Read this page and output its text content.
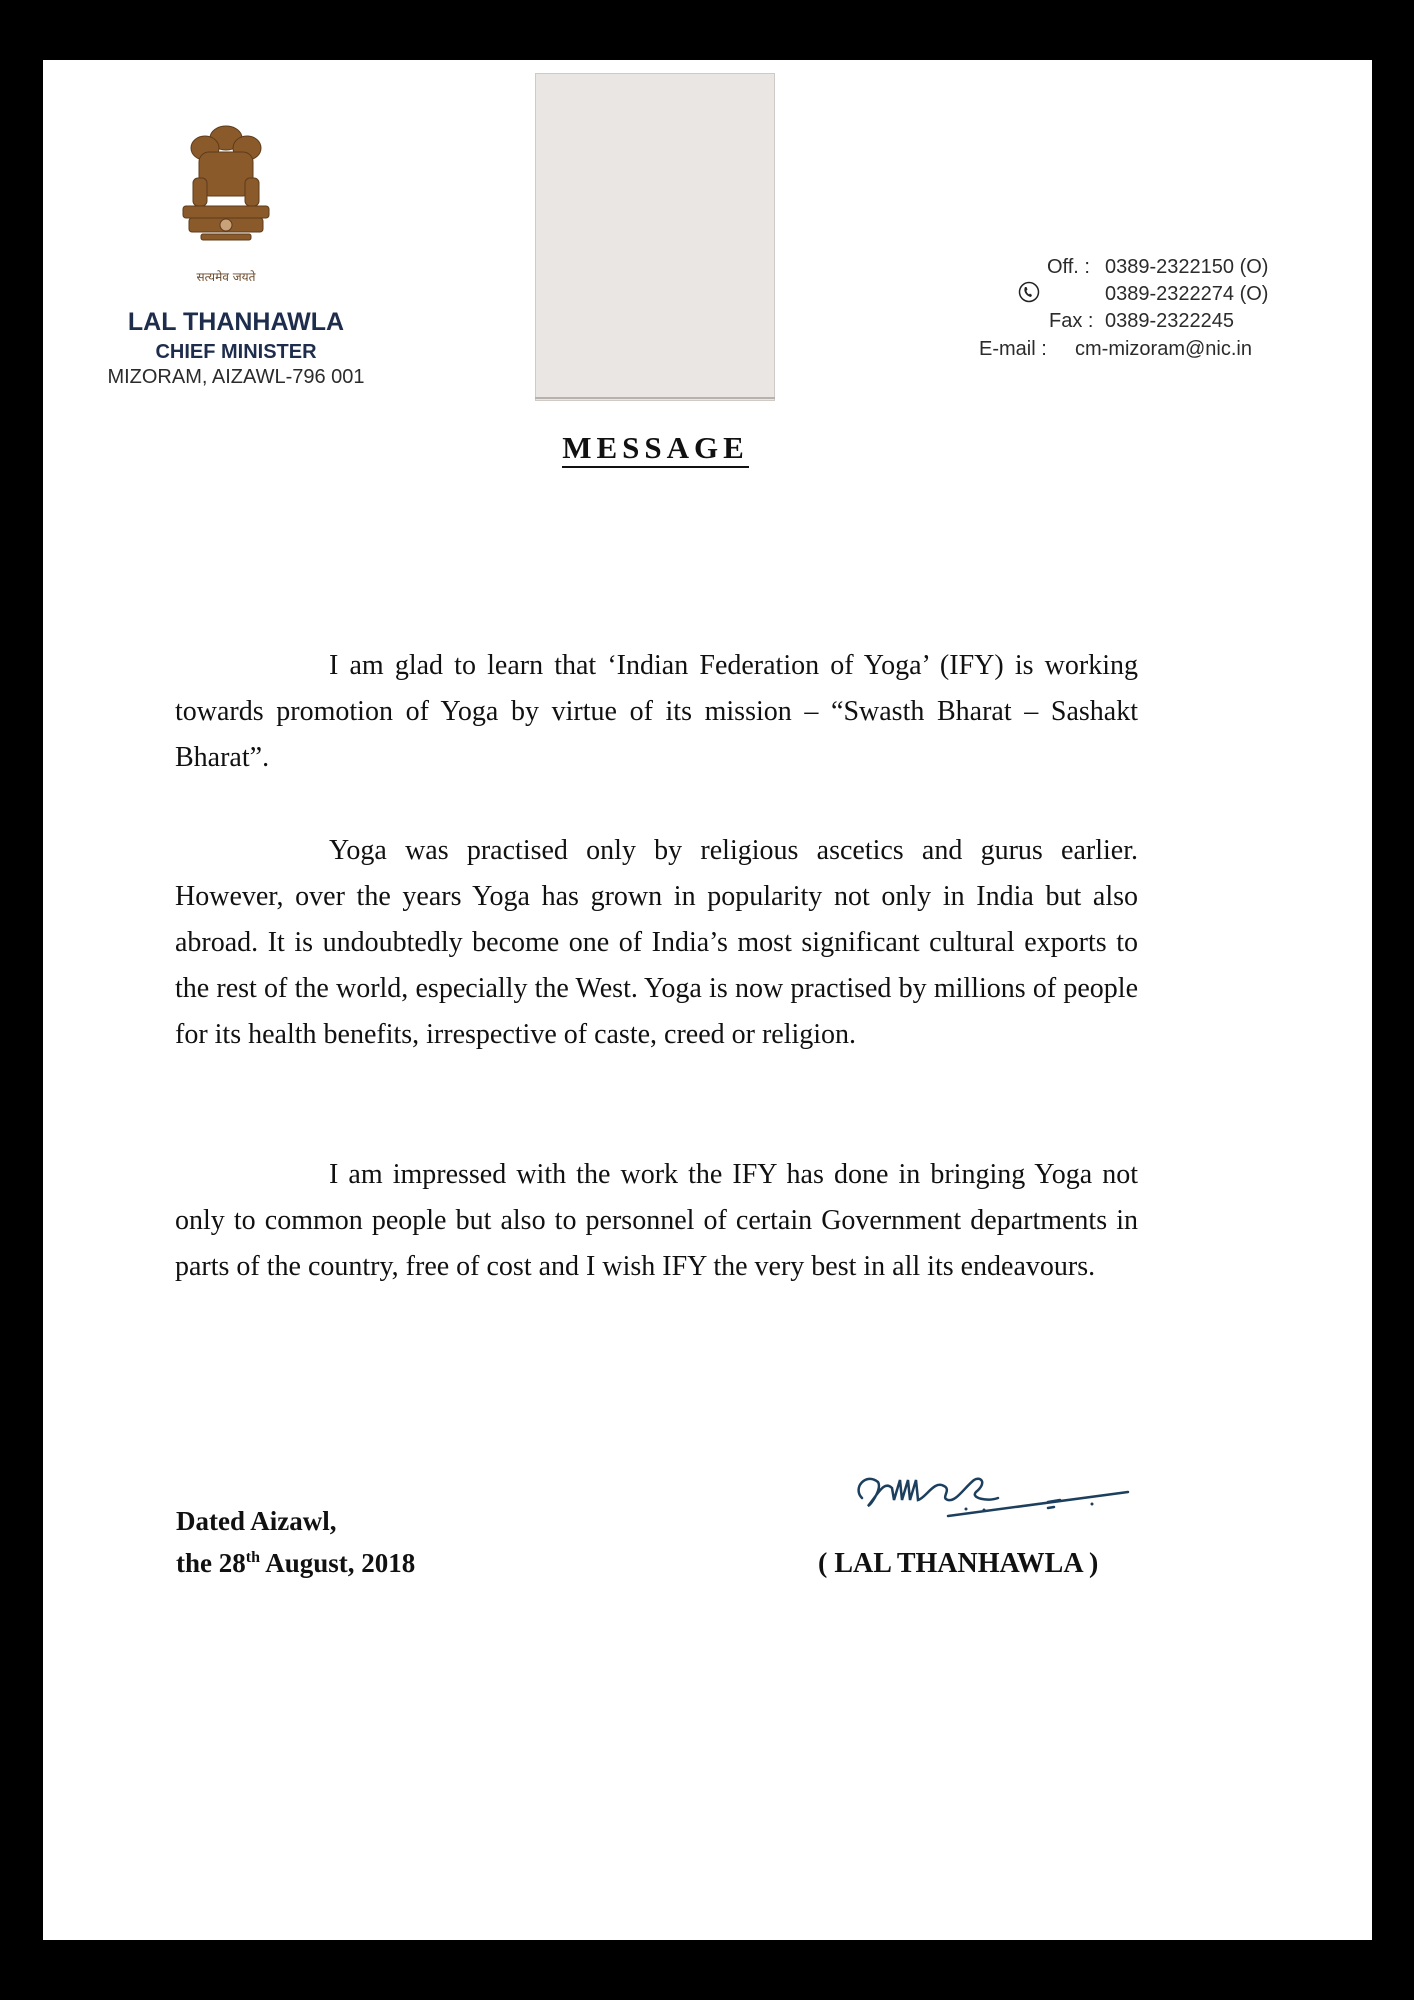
सत्यमेव जयते
LAL THANHAWLA
CHIEF MINISTER
MIZORAM, AIZAWL-796 001
Off. : 0389-2322150 (O)
0389-2322274 (O)
Fax : 0389-2322245
E-mail : cm-mizoram@nic.in
MESSAGE

I am glad to learn that ‘Indian Federation of Yoga’ (IFY) is working towards promotion of Yoga by virtue of its mission – “Swasth Bharat – Sashakt Bharat”.

Yoga was practised only by religious ascetics and gurus earlier. However, over the years Yoga has grown in popularity not only in India but also abroad. It is undoubtedly become one of India’s most significant cultural exports to the rest of the world, especially the West. Yoga is now practised by millions of people for its health benefits, irrespective of caste, creed or religion.

I am impressed with the work the IFY has done in bringing Yoga not only to common people but also to personnel of certain Government departments in parts of the country, free of cost and I wish IFY the very best in all its endeavours.

Dated Aizawl,
the 28th August, 2018	( LAL THANHAWLA )
